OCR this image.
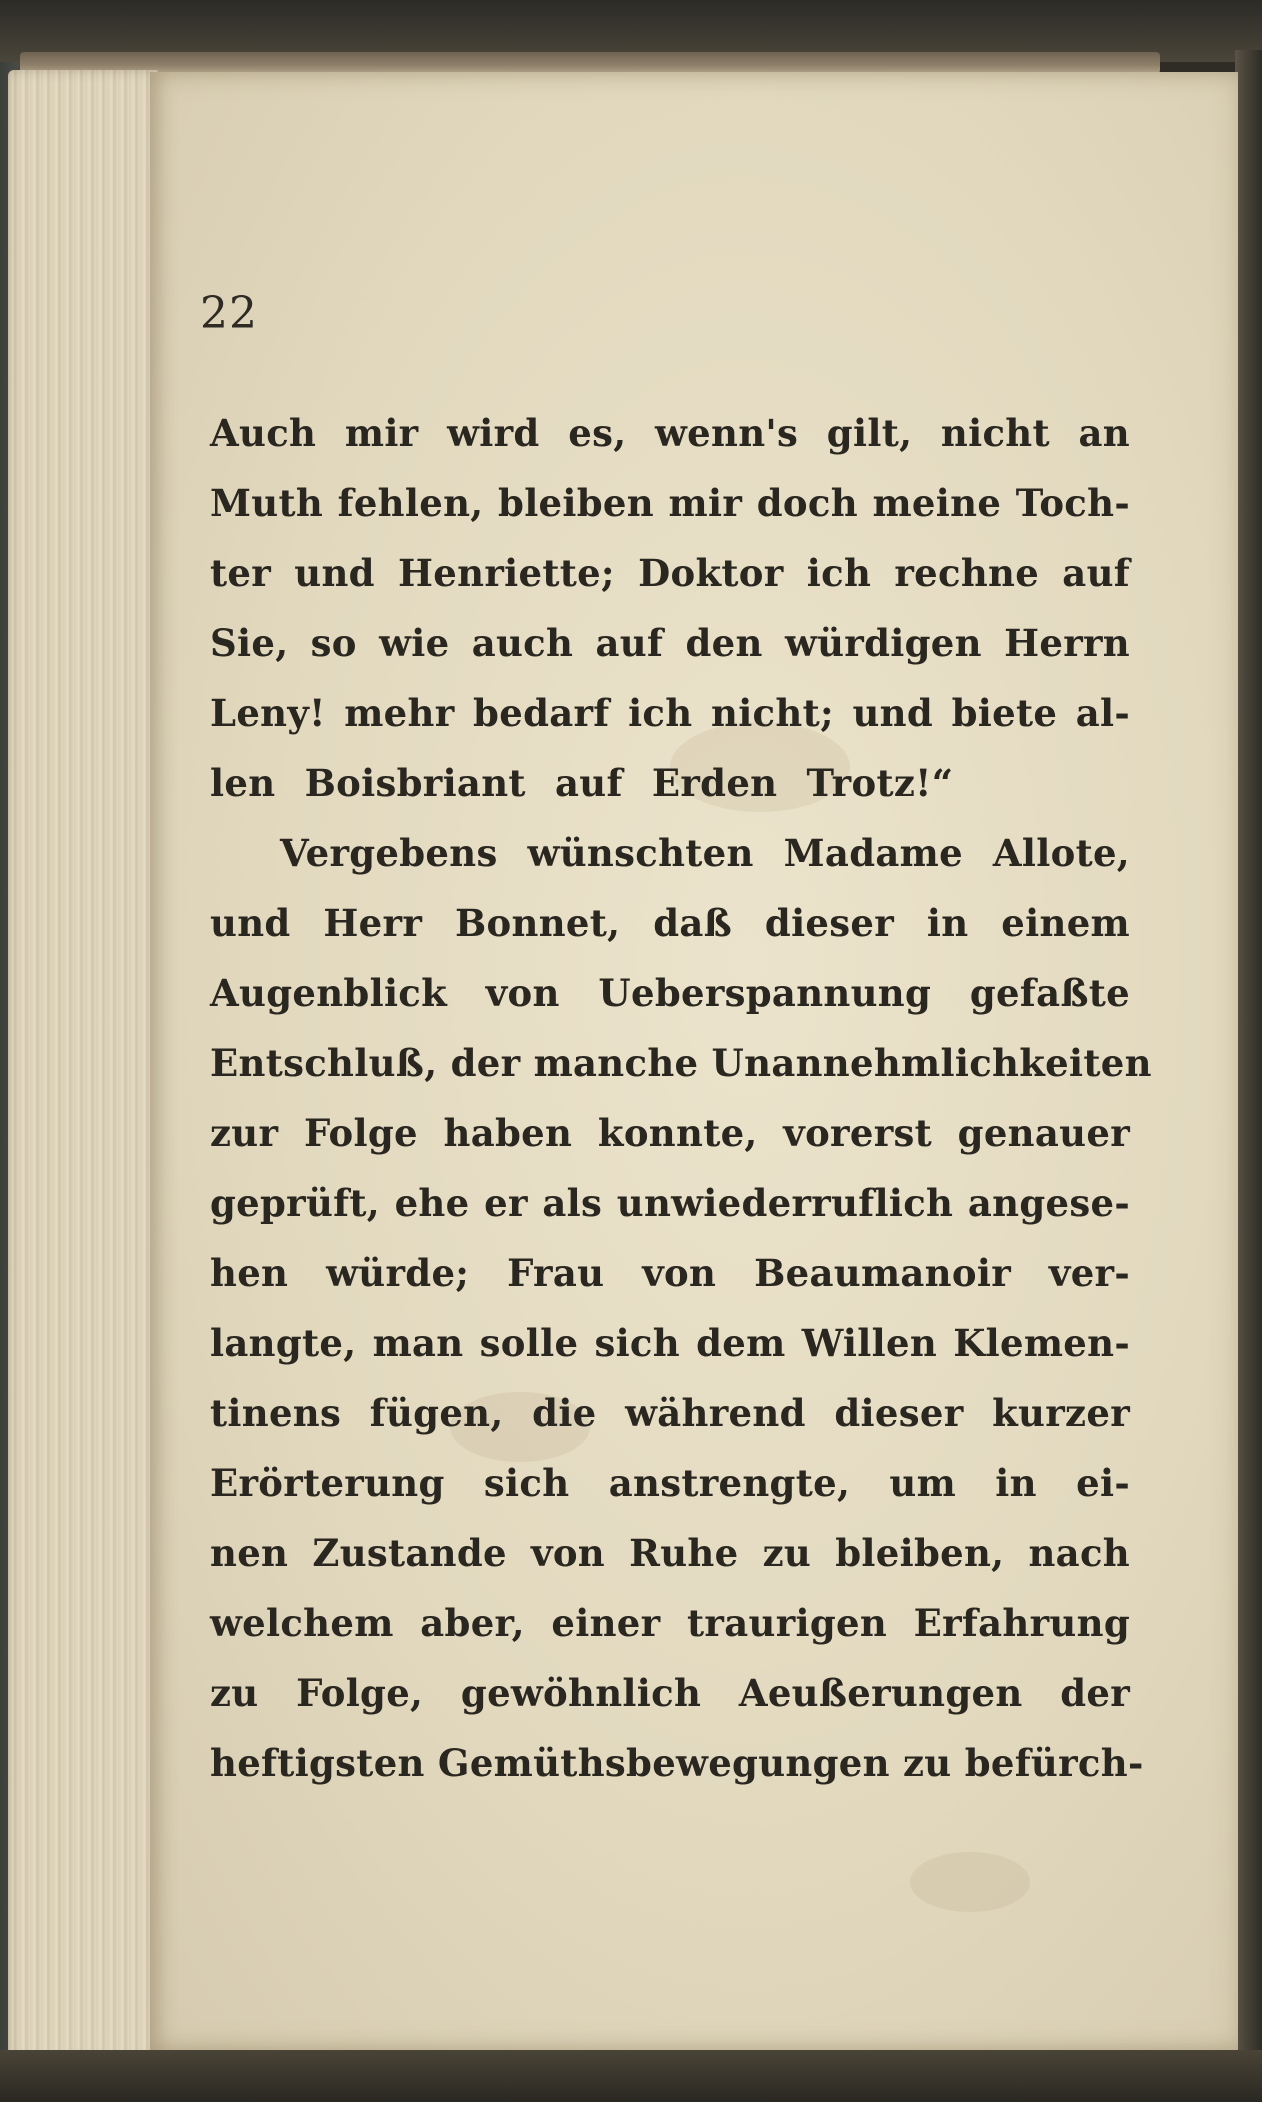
22

Auch mir wird es, wenn's gilt, nicht an
Muth fehlen, bleiben mir doch meine Toch-
ter und Henriette; Doktor ich rechne auf
Sie, so wie auch auf den würdigen Herrn
Leny! mehr bedarf ich nicht; und biete al-
len Boisbriant auf Erden Trotz!“
Vergebens wünschten Madame Allote,
und Herr Bonnet, daß dieser in einem
Augenblick von Ueberspannung gefaßte
Entschluß, der manche Unannehmlichkeiten
zur Folge haben konnte, vorerst genauer
geprüft, ehe er als unwiederruflich angese-
hen würde; Frau von Beaumanoir ver-
langte, man solle sich dem Willen Klemen-
tinens fügen, die während dieser kurzer
Erörterung sich anstrengte, um in ei-
nen Zustande von Ruhe zu bleiben, nach
welchem aber, einer traurigen Erfahrung
zu Folge, gewöhnlich Aeußerungen der
heftigsten Gemüthsbewegungen zu befürch-
